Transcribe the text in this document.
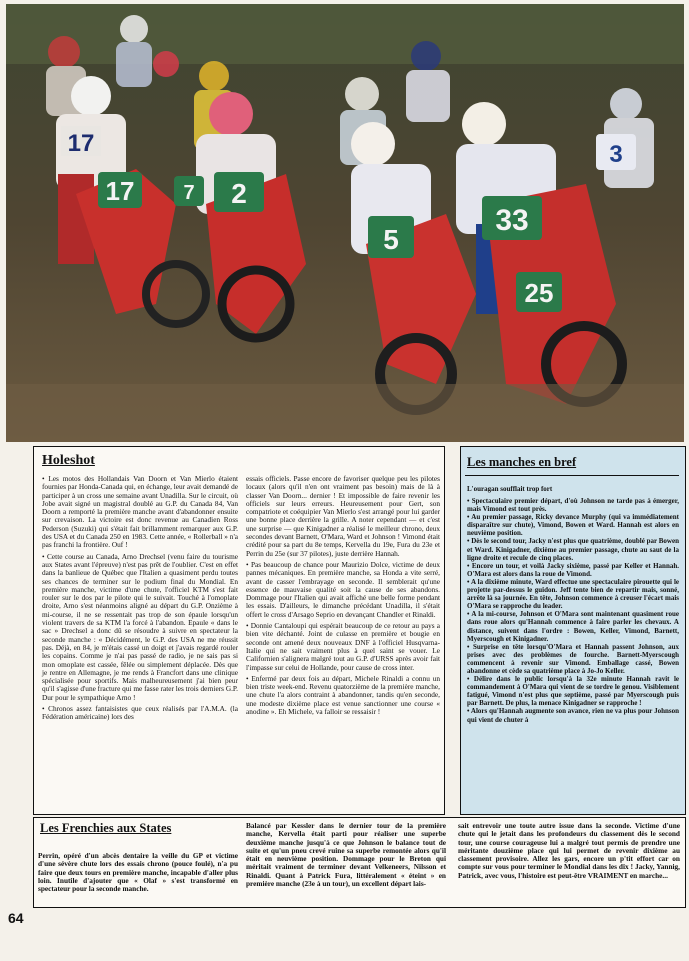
17	2
5
33
25
7
3
17
Holeshot

• Les motos des Hollandais Van Doorn et Van Mierlo étaient fournies par Honda-Canada qui, en échange, leur avait demandé de participer à un cross une semaine avant Unadilla. Sur le circuit, où Jobe avait signé un magistral doublé au G.P. du Canada 84, Van Doorn a remporté la première manche avant d'abandonner ensuite sur crevaison. La victoire est donc revenue au Canadien Ross Pederson (Suzuki) qui s'était fait brillamment remarquer aux G.P. des USA et du Canada 250 en 1983. Cette année, « Rollerball » n'a pas franchi la frontière. Ouf !

• Cette course au Canada, Arno Drechsel (venu faire du tourisme aux States avant l'épreuve) n'est pas prêt de l'oublier. C'est en effet dans la banlieue de Québec que l'Italien a quasiment perdu toutes ses chances de terminer sur le podium final du Mondial. En première manche, victime d'une chute, l'officiel KTM s'est fait rouler sur le dos par le pilote qui le suivait. Touché à l'omoplate droite, Arno s'est néanmoins aligné au départ du G.P. Onzième à mi-course, il ne se ressentait pas trop de son épaule lorsqu'un violent travers de sa KTM l'a forcé à l'abandon. Epaule « dans le sac » Drechsel a donc dû se résoudre à suivre en spectateur la seconde manche : « Décidément, le G.P. des USA ne me réussit pas. Déjà, en 84, je m'étais cassé un doigt et j'avais regardé rouler les copains. Comme je n'ai pas passé de radio, je ne sais pas si mon omoplate est cassée, fêlée ou simplement déplacée. Dès que je rentre en Allemagne, je me rends à Francfort dans une clinique spécialisée pour sportifs. Mais malheureusement j'ai bien peur qu'il s'agisse d'une fracture qui me fasse rater les trois derniers G.P. Dur pour le sympathique Arno !

• Chronos assez fantaisistes que ceux réalisés par l'A.M.A. (la Fédération américaine) lors des

essais officiels. Passe encore de favoriser quelque peu les pilotes locaux (alors qu'il n'en ont vraiment pas besoin) mais de là à classer Van Doorn... dernier ! Et impossible de faire revenir les officiels sur leurs erreurs. Heureusement pour Gert, son compatriote et coéquipier Van Mierlo s'est arrangé pour lui garder une bonne place derrière la grille. A noter cependant — et c'est une surprise — que Kinigadner a réalisé le meilleur chrono, deux secondes devant Barnett, O'Mara, Ward et Johnson ! Vimond était crédité pour sa part du 8e temps, Kervella du 19e, Fura du 23e et Perrin du 25e (sur 37 pilotes), juste derrière Hannah.

• Pas beaucoup de chance pour Maurizio Dolce, victime de deux pannes mécaniques. En première manche, sa Honda a vite serré, avant de casser l'embrayage en seconde. Il semblerait qu'une essence de mauvaise qualité soit la cause de ses abandons. Dommage pour l'Italien qui avait affiché une belle forme pendant les essais. D'ailleurs, le dimanche précédant Unadilla, il s'était offert le cross d'Arsago Seprio en devançant Chandler et Rinaldi.

• Donnie Cantaloupi qui espérait beaucoup de ce retour au pays a bien vite déchanté. Joint de culasse en première et bougie en seconde ont amené deux nouveaux DNF à l'officiel Husqvarna-Italie qui ne sait vraiment plus à quel saint se vouer. Le Californien s'alignera malgré tout au G.P. d'URSS après avoir fait l'impasse sur celui de Hollande, pour cause de cross inter.

• Enfermé par deux fois au départ, Michele Rinaldi a connu un bien triste week-end. Revenu quatorzième de la première manche, une chute l'a alors contraint à abandonner, tandis qu'en seconde, une modeste dixième place est venue sanctionner une course « anodine ». Eh Michele, va falloir se ressaisir !

Les manches en bref
L'ouragan soufflait trop fort

• Spectaculaire premier départ, d'où Johnson ne tarde pas à émerger, mais Vimond est tout près.

• Au premier passage, Ricky devance Murphy (qui va immédiatement disparaître sur chute), Vimond, Bowen et Ward. Hannah est alors en neuvième position.

• Dès le second tour, Jacky n'est plus que quatrième, doublé par Bowen et Ward. Kinigadner, dixième au premier passage, chute au saut de la ligne droite et recule de cinq places.

• Encore un tour, et voilà Jacky sixième, passé par Keller et Hannah. O'Mara est alors dans la roue de Vimond.

• A la dixième minute, Ward effectue une spectaculaire pirouette qui le projette par-dessus le guidon. Jeff tente bien de repartir mais, sonné, arrête là sa journée. En tête, Johnson commence à creuser l'écart mais O'Mara se rapproche du leader.

• A la mi-course, Johnson et O'Mara sont maintenant quasiment roue dans roue alors qu'Hannah commence à faire parler les chevaux. A distance, suivent dans l'ordre : Bowen, Keller, Vimond, Barnett, Myerscough et Kinigadner.

• Surprise en tête lorsqu'O'Mara et Hannah passent Johnson, aux prises avec des problèmes de fourche. Barnett-Myerscough commencent à revenir sur Vimond. Emballage cassé, Bowen abandonne et cède sa quatrième place à Jo-Jo Keller.

• Délire dans le public lorsqu'à la 32e minute Hannah ravit le commandement à O'Mara qui vient de se tordre le genou. Visiblement fatigué, Vimond n'est plus que septième, passé par Myerscough puis par Barnett. De plus, la menace Kinigadner se rapproche !

• Alors qu'Hannah augmente son avance, rien ne va plus pour Johnson qui vient de chuter à

Les Frenchies aux States
Perrin, opéré d'un abcès dentaire la veille du GP et victime d'une sévère chute lors des essais chrono (pouce foulé), n'a pu faire que deux tours en première manche, incapable d'aller plus loin. Inutile d'ajouter que « Olaf » s'est transformé en spectateur pour la seconde manche.
Balancé par Kessler dans le dernier tour de la première manche, Kervella était parti pour réaliser une superbe deuxième manche jusqu'à ce que Johnson le balance tout de suite et qu'un pneu crevé ruine sa superbe remontée alors qu'il était en neuvième position. Dommage pour le Breton qui méritait vraiment de terminer devant Velkeneers, Nilsson et Rinaldi. Quant à Patrick Fura, littéralement « éteint » en première manche (23e à un tour), un excellent départ lais-
sait entrevoir une toute autre issue dans la seconde. Victime d'une chute qui le jetait dans les profondeurs du classement dès le second tour, une course courageuse lui a malgré tout permis de prendre une méritante douzième place qui lui permet de revenir dixième au classement provisoire. Allez les gars, encore un p'tit effort car on compte sur vous pour terminer le Mondial dans les dix ! Jacky, Yannig, Patrick, avec vous, l'histoire est peut-être VRAIMENT en marche...
64
